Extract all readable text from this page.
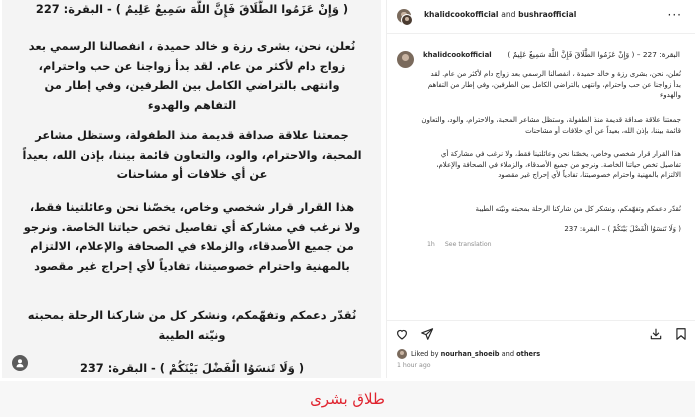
( وَإِنْ عَزَمُوا الطَّلَاقَ فَإِنَّ اللَّهَ سَمِيعٌ عَلِيمٌ ) - البقرة: 227
نُعلن، نحن، بشرى رزة و خالد حميدة ، انفصالنا الرسمي بعد زواج دام لأكثر من عام. لقد بدأ زواجنا عن حب واحترام، وانتهى بالتراضي الكامل بين الطرفين، وفي إطار من التفاهم والهدوء
جمعتنا علاقة صداقة قديمة منذ الطفولة، وستظل مشاعر المحبة، والاحترام، والود، والتعاون قائمة بيننا، بإذن الله، بعيداً عن أي خلافات أو مشاحنات
هذا القرار قرار شخصي وخاص، يخصّنا نحن وعائلتينا فقط، ولا نرغب في مشاركة أي تفاصيل تخص حياتنا الخاصة. ونرجو من جميع الأصدقاء، والزملاء في الصحافة والإعلام، الالتزام بالمهنية واحترام خصوصيتنا، تفادياً لأي إحراج غير مقصود
نُقدّر دعمكم وتفهّمكم، ونشكر كل من شاركنا الرحلة بمحبته ونيّته الطيبة
( وَلَا تَنسَوُا الْفَضْلَ بَيْنَكُمْ ) - البقرة: 237
khalidcookofficial and bushraofficial	···
khalidcookofficial البقرة: 227 – ( وَإِنْ عَزَمُوا الطَّلَاقَ فَإِنَّ اللَّهَ سَمِيعٌ عَلِيمٌ )
نُعلن، نحن، بشرى رزة و خالد حميدة ، انفصالنا الرسمي بعد زواج دام لأكثر من عام. لقد بدأ زواجنا عن حب واحترام، وانتهى بالتراضي الكامل بين الطرفين، وفي إطار من التفاهم والهدوء
جمعتنا علاقة صداقة قديمة منذ الطفولة، وستظل مشاعر المحبة، والاحترام، والود، والتعاون قائمة بيننا، بإذن الله، بعيداً عن أي خلافات أو مشاحنات
هذا القرار قرار شخصي وخاص، يخصّنا نحن وعائلتينا فقط، ولا نرغب في مشاركة أي تفاصيل تخص حياتنا الخاصة. ونرجو من جميع الأصدقاء، والزملاء في الصحافة والإعلام، الالتزام بالمهنية واحترام خصوصيتنا، تفادياً لأي إحراج غير مقصود
نُقدّر دعمكم وتفهّمكم، ونشكر كل من شاركنا الرحلة بمحبته ونيّته الطيبة
( وَلَا تَنسَوُا الْفَضْلَ بَيْنَكُمْ ) – البقرة: 237
1h See translation
Liked by nourhan_shoeib and others
1 hour ago
طلاق بشرى
